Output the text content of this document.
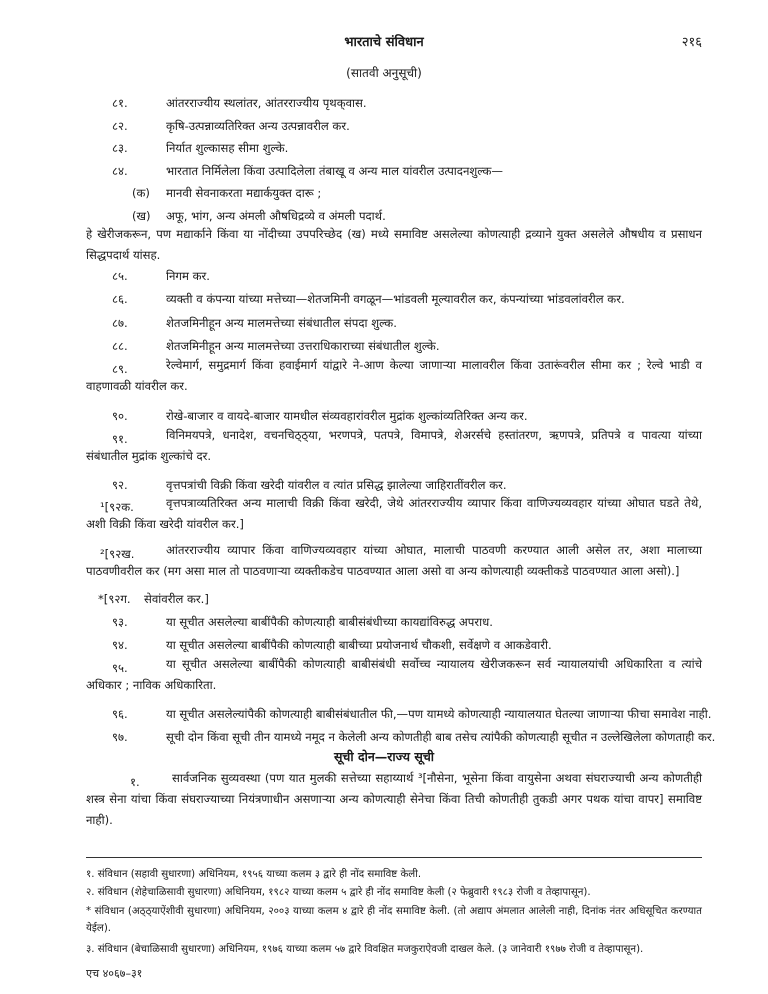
भारताचे संविधान	२१६
(सातवी अनुसूची)
८१.	आंतरराज्यीय स्थलांतर, आंतरराज्यीय पृथक्‌वास.
८२.	कृषि-उत्पन्नाव्यतिरिक्त अन्य उत्पन्नावरील कर.
८३.	निर्यात शुल्कासह सीमा शुल्के.
८४.	भारतात निर्मिलेला किंवा उत्पादिलेला तंबाखू व अन्य माल यांवरील उत्पादनशुल्क—
(क) मानवी सेवनाकरता मद्यार्कयुक्त दारू ;
(ख) अफू, भांग, अन्य अंमली औषधिद्रव्ये व अंमली पदार्थ.
हे खेरीजकरून, पण मद्यार्काने किंवा या नोंदीच्या उपपरिच्छेद (ख) मध्ये समाविष्ट असलेल्या कोणत्याही द्रव्याने युक्त असलेले औषधीय व प्रसाधन सिद्धपदार्थ यांसह.
८५.	निगम कर.
८६.	व्यक्ती व कंपन्या यांच्या मत्तेच्या—शेतजमिनी वगळून—भांडवली मूल्यावरील कर, कंपन्यांच्या भांडवलांवरील कर.
८७.	शेतजमिनीहून अन्य मालमत्तेच्या संबंधातील संपदा शुल्क.
८८.	शेतजमिनीहून अन्य मालमत्तेच्या उत्तराधिकाराच्या संबंधातील शुल्के.
८९.	रेल्वेमार्ग, समुद्रमार्ग किंवा हवाईमार्ग यांद्वारे ने-आण केल्या जाणाऱ्या मालावरील किंवा उतारूंवरील सीमा कर ; रेल्वे भाडी व वाहणावळी यांवरील कर.
९०.	रोखे-बाजार व वायदे-बाजार यामधील संव्यवहारांवरील मुद्रांक शुल्कांव्यतिरिक्त अन्य कर.
९१.	विनिमयपत्रे, धनादेश, वचनचिठ्ठ्या, भरणपत्रे, पतपत्रे, विमापत्रे, शेअरर्सचे हस्तांतरण, ऋणपत्रे, प्रतिपत्रे व पावत्या यांच्या संबंधातील मुद्रांक शुल्कांचे दर.
९२.	वृत्तपत्रांची विक्री किंवा खरेदी यांवरील व त्यांत प्रसिद्ध झालेल्या जाहिरातींवरील कर.
¹[९२क.	वृत्तपत्राव्यतिरिक्त अन्य मालाची विक्री किंवा खरेदी, जेथे आंतरराज्यीय व्यापार किंवा वाणिज्यव्यवहार यांच्या ओघात घडते तेथे, अशी विक्री किंवा खरेदी यांवरील कर.]
²[९२ख.	आंतरराज्यीय व्यापार किंवा वाणिज्यव्यवहार यांच्या ओघात, मालाची पाठवणी करण्यात आली असेल तर, अशा मालाच्या पाठवणीवरील कर (मग असा माल तो पाठवणाऱ्या व्यक्तीकडेच पाठवण्यात आला असो वा अन्य कोणत्याही व्यक्तीकडे पाठवण्यात आला असो).]
*[९२ग. सेवांवरील कर.]
९३.	या सूचीत असलेल्या बाबींपैकी कोणत्याही बाबीसंबंधीच्या कायद्यांविरुद्ध अपराध.
९४.	या सूचीत असलेल्या बाबींपैकी कोणत्याही बाबीच्या प्रयोजनार्थ चौकशी, सर्वेक्षणे व आकडेवारी.
९५.	या सूचीत असलेल्या बाबींपैकी कोणत्याही बाबीसंबंधी सर्वोच्च न्यायालय खेरीजकरून सर्व न्यायालयांची अधिकारिता व त्यांचे अधिकार ; नाविक अधिकारिता.
९६.	या सूचीत असलेल्यांपैकी कोणत्याही बाबीसंबंधातील फी,—पण यामध्ये कोणत्याही न्यायालयात घेतल्या जाणाऱ्या फीचा समावेश नाही.
९७.	सूची दोन किंवा सूची तीन यामध्ये नमूद न केलेली अन्य कोणतीही बाब तसेच त्यांपैकी कोणत्याही सूचीत न उल्लेखिलेला कोणताही कर.
सूची दोन—राज्य सूची
१.	सार्वजनिक सुव्यवस्था (पण यात मुलकी सत्तेच्या सहाय्यार्थ ³[नौसेना, भूसेना किंवा वायुसेना अथवा संघराज्याची अन्य कोणतीही शस्त्र सेना यांचा किंवा संघराज्याच्या नियंत्रणाधीन असणाऱ्या अन्य कोणत्याही सेनेचा किंवा तिची कोणतीही तुकडी अगर पथक यांचा वापर] समाविष्ट नाही).
१. संविधान (सहावी सुधारणा) अधिनियम, १९५६ याच्या कलम ३ द्वारे ही नोंद समाविष्ट केली.
२. संविधान (शेहेचाळिसावी सुधारणा) अधिनियम, १९८२ याच्या कलम ५ द्वारे ही नोंद समाविष्ट केली (२ फेब्रुवारी १९८३ रोजी व तेव्हापासून).
* संविधान (अठ्ठ्याऐंशीवी सुधारणा) अधिनियम, २००३ याच्या कलम ४ द्वारे ही नोंद समाविष्ट केली. (तो अद्याप अंमलात आलेली नाही, दिनांक नंतर अधिसूचित करण्यात येईल).
३. संविधान (बेचाळिसावी सुधारणा) अधिनियम, १९७६ याच्या कलम ५७ द्वारे विवक्षित मजकुराऐवजी दाखल केले. (३ जानेवारी १९७७ रोजी व तेव्हापासून).
एच ४०६७–३१
